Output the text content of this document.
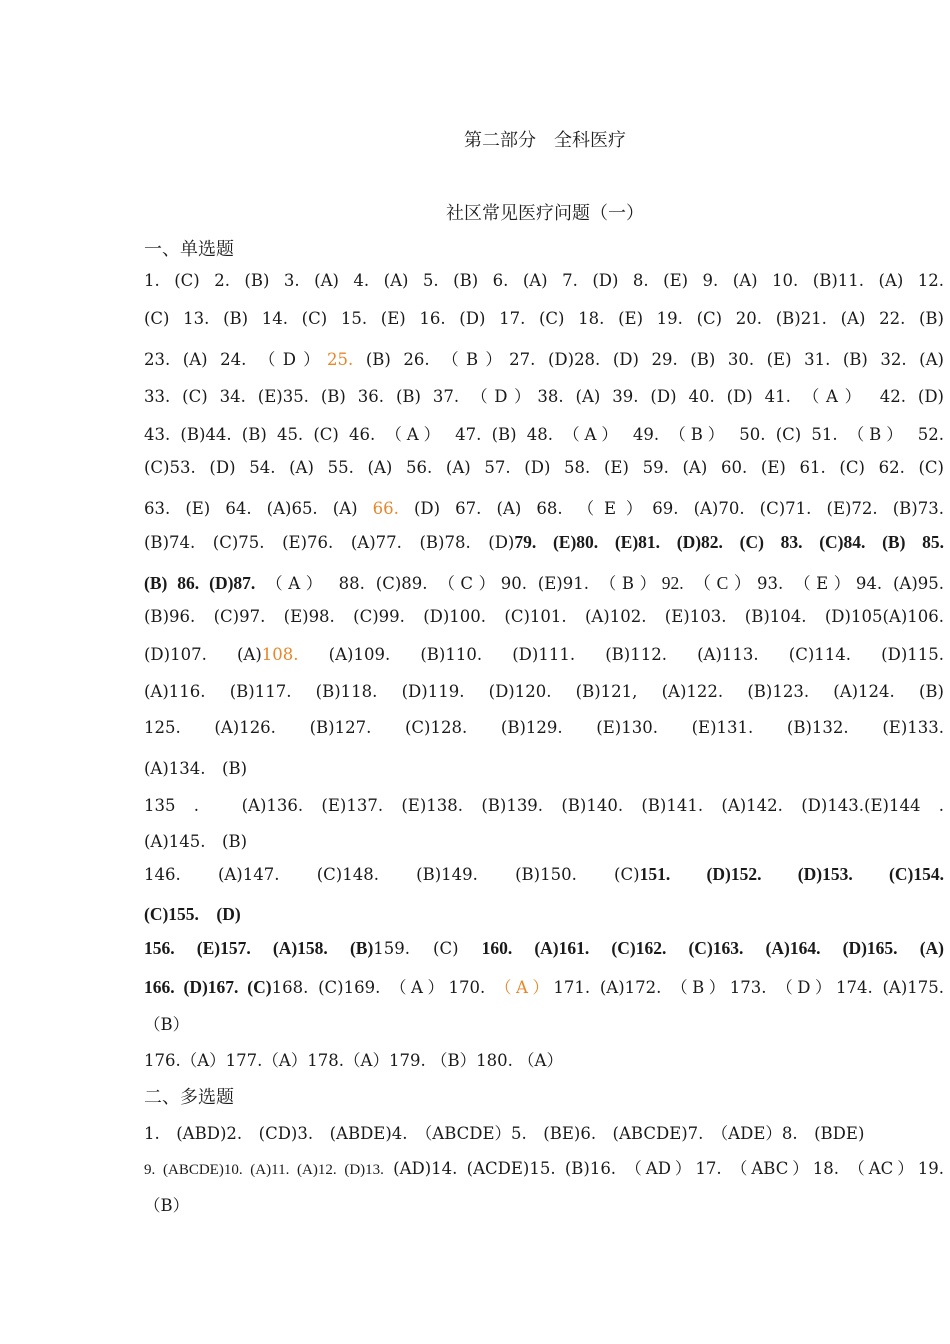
第二部分　全科医疗
社区常见医疗问题（一）
一、单选题
1. (C) 2. (B) 3. (A) 4. (A) 5. (B) 6. (A) 7. (D) 8. (E) 9. (A) 10. (B)11. (A) 12.
(C) 13. (B) 14. (C) 15. (E) 16. (D) 17. (C) 18. (E) 19. (C) 20. (B)21. (A) 22. (B)
23. (A) 24. （D）25. (B) 26. （B）27. (D)28. (D) 29. (B) 30. (E) 31. (B) 32. (A)
33. (C) 34. (E)35. (B) 36. (B) 37. （D）38. (A) 39. (D) 40. (D) 41. （A） 42. (D)
43. (B)44. (B) 45. (C) 46. （A） 47. (B) 48. （A） 49. （B） 50. (C) 51. （B） 52.
(C)53. (D) 54. (A) 55. (A) 56. (A) 57. (D) 58. (E) 59. (A) 60. (E) 61. (C) 62. (C)
63. (E) 64. (A)65. (A) 66. (D) 67. (A) 68. （E）69. (A)70. (C)71. (E)72. (B)73.
(B)74. (C)75. (E)76. (A)77. (B)78. (D)79. (E)80. (E)81. (D)82. (C) 83. (C)84. (B) 85.
(B) 86. (D)87. （A） 88. (C)89. （C）90. (E)91. （B）92. （C）93. （E）94. (A)95.
(B)96. (C)97. (E)98. (C)99. (D)100. (C)101. (A)102. (E)103. (B)104. (D)105(A)106.
(D)107. (A)108. (A)109. (B)110. (D)111. (B)112. (A)113. (C)114. (D)115.
(A)116. (B)117. (B)118. (D)119. (D)120. (B)121, (A)122. (B)123. (A)124. (B)
125. (A)126. (B)127. (C)128. (B)129. (E)130. (E)131. (B)132. (E)133.
(A)134.　(B)
135 .　(A)136. (E)137. (E)138. (B)139. (B)140. (B)141. (A)142. (D)143.(E)144 .
(A)145.　(B)
146. (A)147. (C)148. (B)149. (B)150. (C)151. (D)152. (D)153. (C)154.
(C)155.　(D)
156. (E)157. (A)158. (B)159. (C) 160. (A)161. (C)162. (C)163. (A)164. (D)165. (A)
166. (D)167. (C)168. (C)169. （A）170. （A）171. (A)172. （B）173. （D）174. (A)175.
（B）
176.（A）177.（A）178.（A）179. （B）180. （A）
二、多选题
1.　(ABD)2.　(CD)3.　(ABDE)4.　（ABCDE）5.　(BE)6.　(ABCDE)7.　（ADE）8.　(BDE)
9. (ABCDE)10. (A)11. (A)12. (D)13. (AD)14. (ACDE)15. (B)16. （AD）17. （ABC）18. （AC）19.
（B）
